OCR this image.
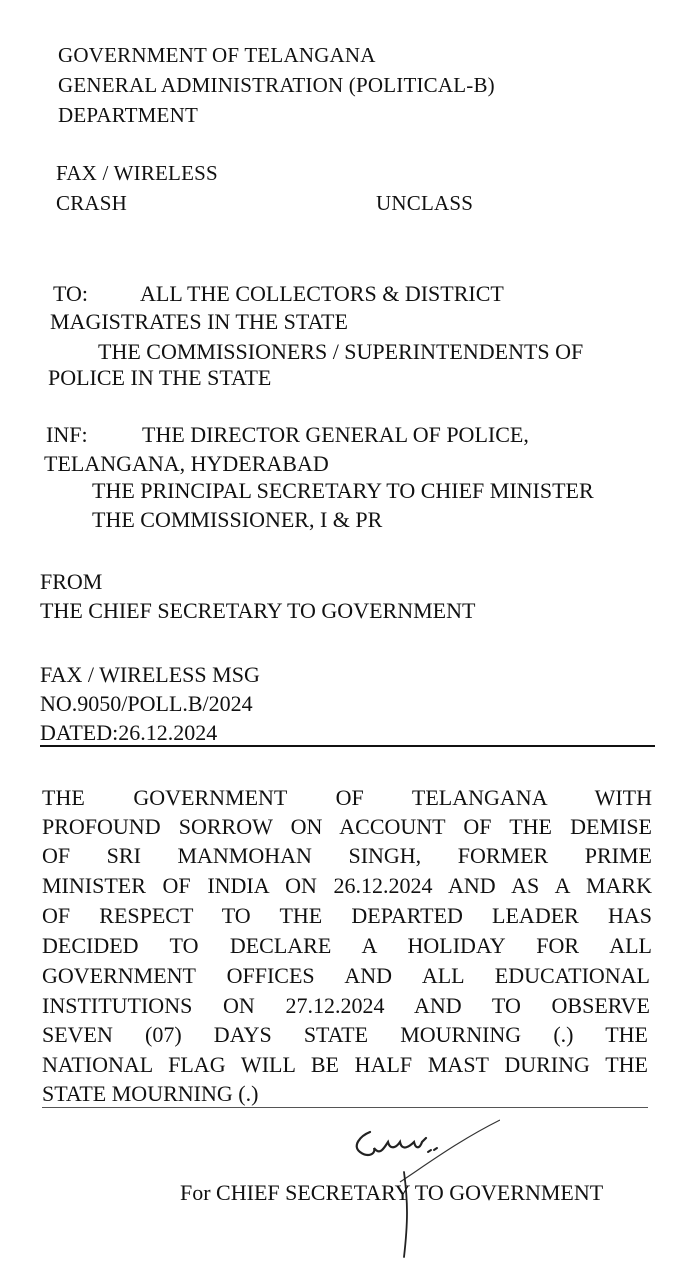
GOVERNMENT OF TELANGANA
GENERAL ADMINISTRATION (POLITICAL-B)
DEPARTMENT
FAX / WIRELESS
CRASH	UNCLASS
TO: ALL THE COLLECTORS & DISTRICT
MAGISTRATES IN THE STATE
THE COMMISSIONERS / SUPERINTENDENTS OF
POLICE IN THE STATE
INF: THE DIRECTOR GENERAL OF POLICE,
TELANGANA, HYDERABAD
THE PRINCIPAL SECRETARY TO CHIEF MINISTER
THE COMMISSIONER, I & PR
FROM
THE CHIEF SECRETARY TO GOVERNMENT
FAX / WIRELESS MSG
NO.9050/POLL.B/2024
DATED:26.12.2024
THE GOVERNMENT OF TELANGANA WITH
PROFOUND SORROW ON ACCOUNT OF THE DEMISE
OF SRI MANMOHAN SINGH, FORMER PRIME
MINISTER OF INDIA ON 26.12.2024 AND AS A MARK
OF RESPECT TO THE DEPARTED LEADER HAS
DECIDED TO DECLARE A HOLIDAY FOR ALL
GOVERNMENT OFFICES AND ALL EDUCATIONAL
INSTITUTIONS ON 27.12.2024 AND TO OBSERVE
SEVEN (07) DAYS STATE MOURNING (.) THE
NATIONAL FLAG WILL BE HALF MAST DURING THE
STATE MOURNING (.)
For CHIEF SECRETARY TO GOVERNMENT
